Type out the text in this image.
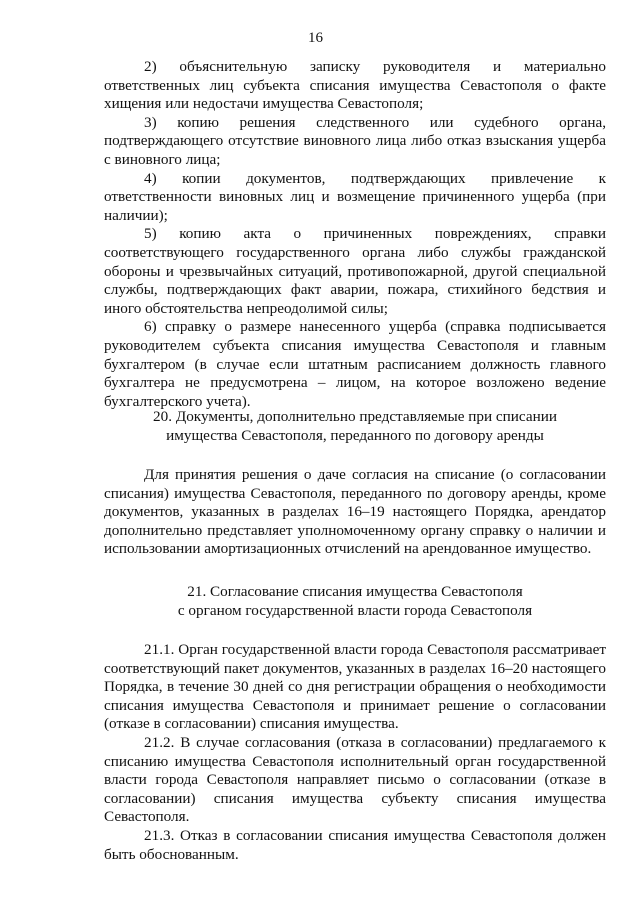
16

2) объяснительную записку руководителя и материально ответственных лиц субъекта списания имущества Севастополя о факте хищения или недостачи имущества Севастополя;

3) копию решения следственного или судебного органа, подтверждающего отсутствие виновного лица либо отказ взыскания ущерба с виновного лица;

4) копии документов, подтверждающих привлечение к ответственности виновных лиц и возмещение причиненного ущерба (при наличии);

5) копию акта о причиненных повреждениях, справки соответствующего государственного органа либо службы гражданской обороны и чрезвычайных ситуаций, противопожарной, другой специальной службы, подтверждающих факт аварии, пожара, стихийного бедствия и иного обстоятельства непреодолимой силы;

6) справку о размере нанесенного ущерба (справка подписывается руководителем субъекта списания имущества Севастополя и главным бухгалтером (в случае если штатным расписанием должность главного бухгалтера не предусмотрена – лицом, на которое возложено ведение бухгалтерского учета).

20. Документы, дополнительно представляемые при списании
имущества Севастополя, переданного по договору аренды

Для принятия решения о даче согласия на списание (о согласовании списания) имущества Севастополя, переданного по договору аренды, кроме документов, указанных в разделах 16–19 настоящего Порядка, арендатор дополнительно представляет уполномоченному органу справку о наличии и использовании амортизационных отчислений на арендованное имущество.

21. Согласование списания имущества Севастополя
с органом государственной власти города Севастополя

21.1. Орган государственной власти города Севастополя рассматривает соответствующий пакет документов, указанных в разделах 16–20 настоящего Порядка, в течение 30 дней со дня регистрации обращения о необходимости списания имущества Севастополя и принимает решение о согласовании (отказе в согласовании) списания имущества.

21.2. В случае согласования (отказа в согласовании) предлагаемого к списанию имущества Севастополя исполнительный орган государственной власти города Севастополя направляет письмо о согласовании (отказе в согласовании) списания имущества субъекту списания имущества Севастополя.

21.3. Отказ в согласовании списания имущества Севастополя должен быть обоснованным.
